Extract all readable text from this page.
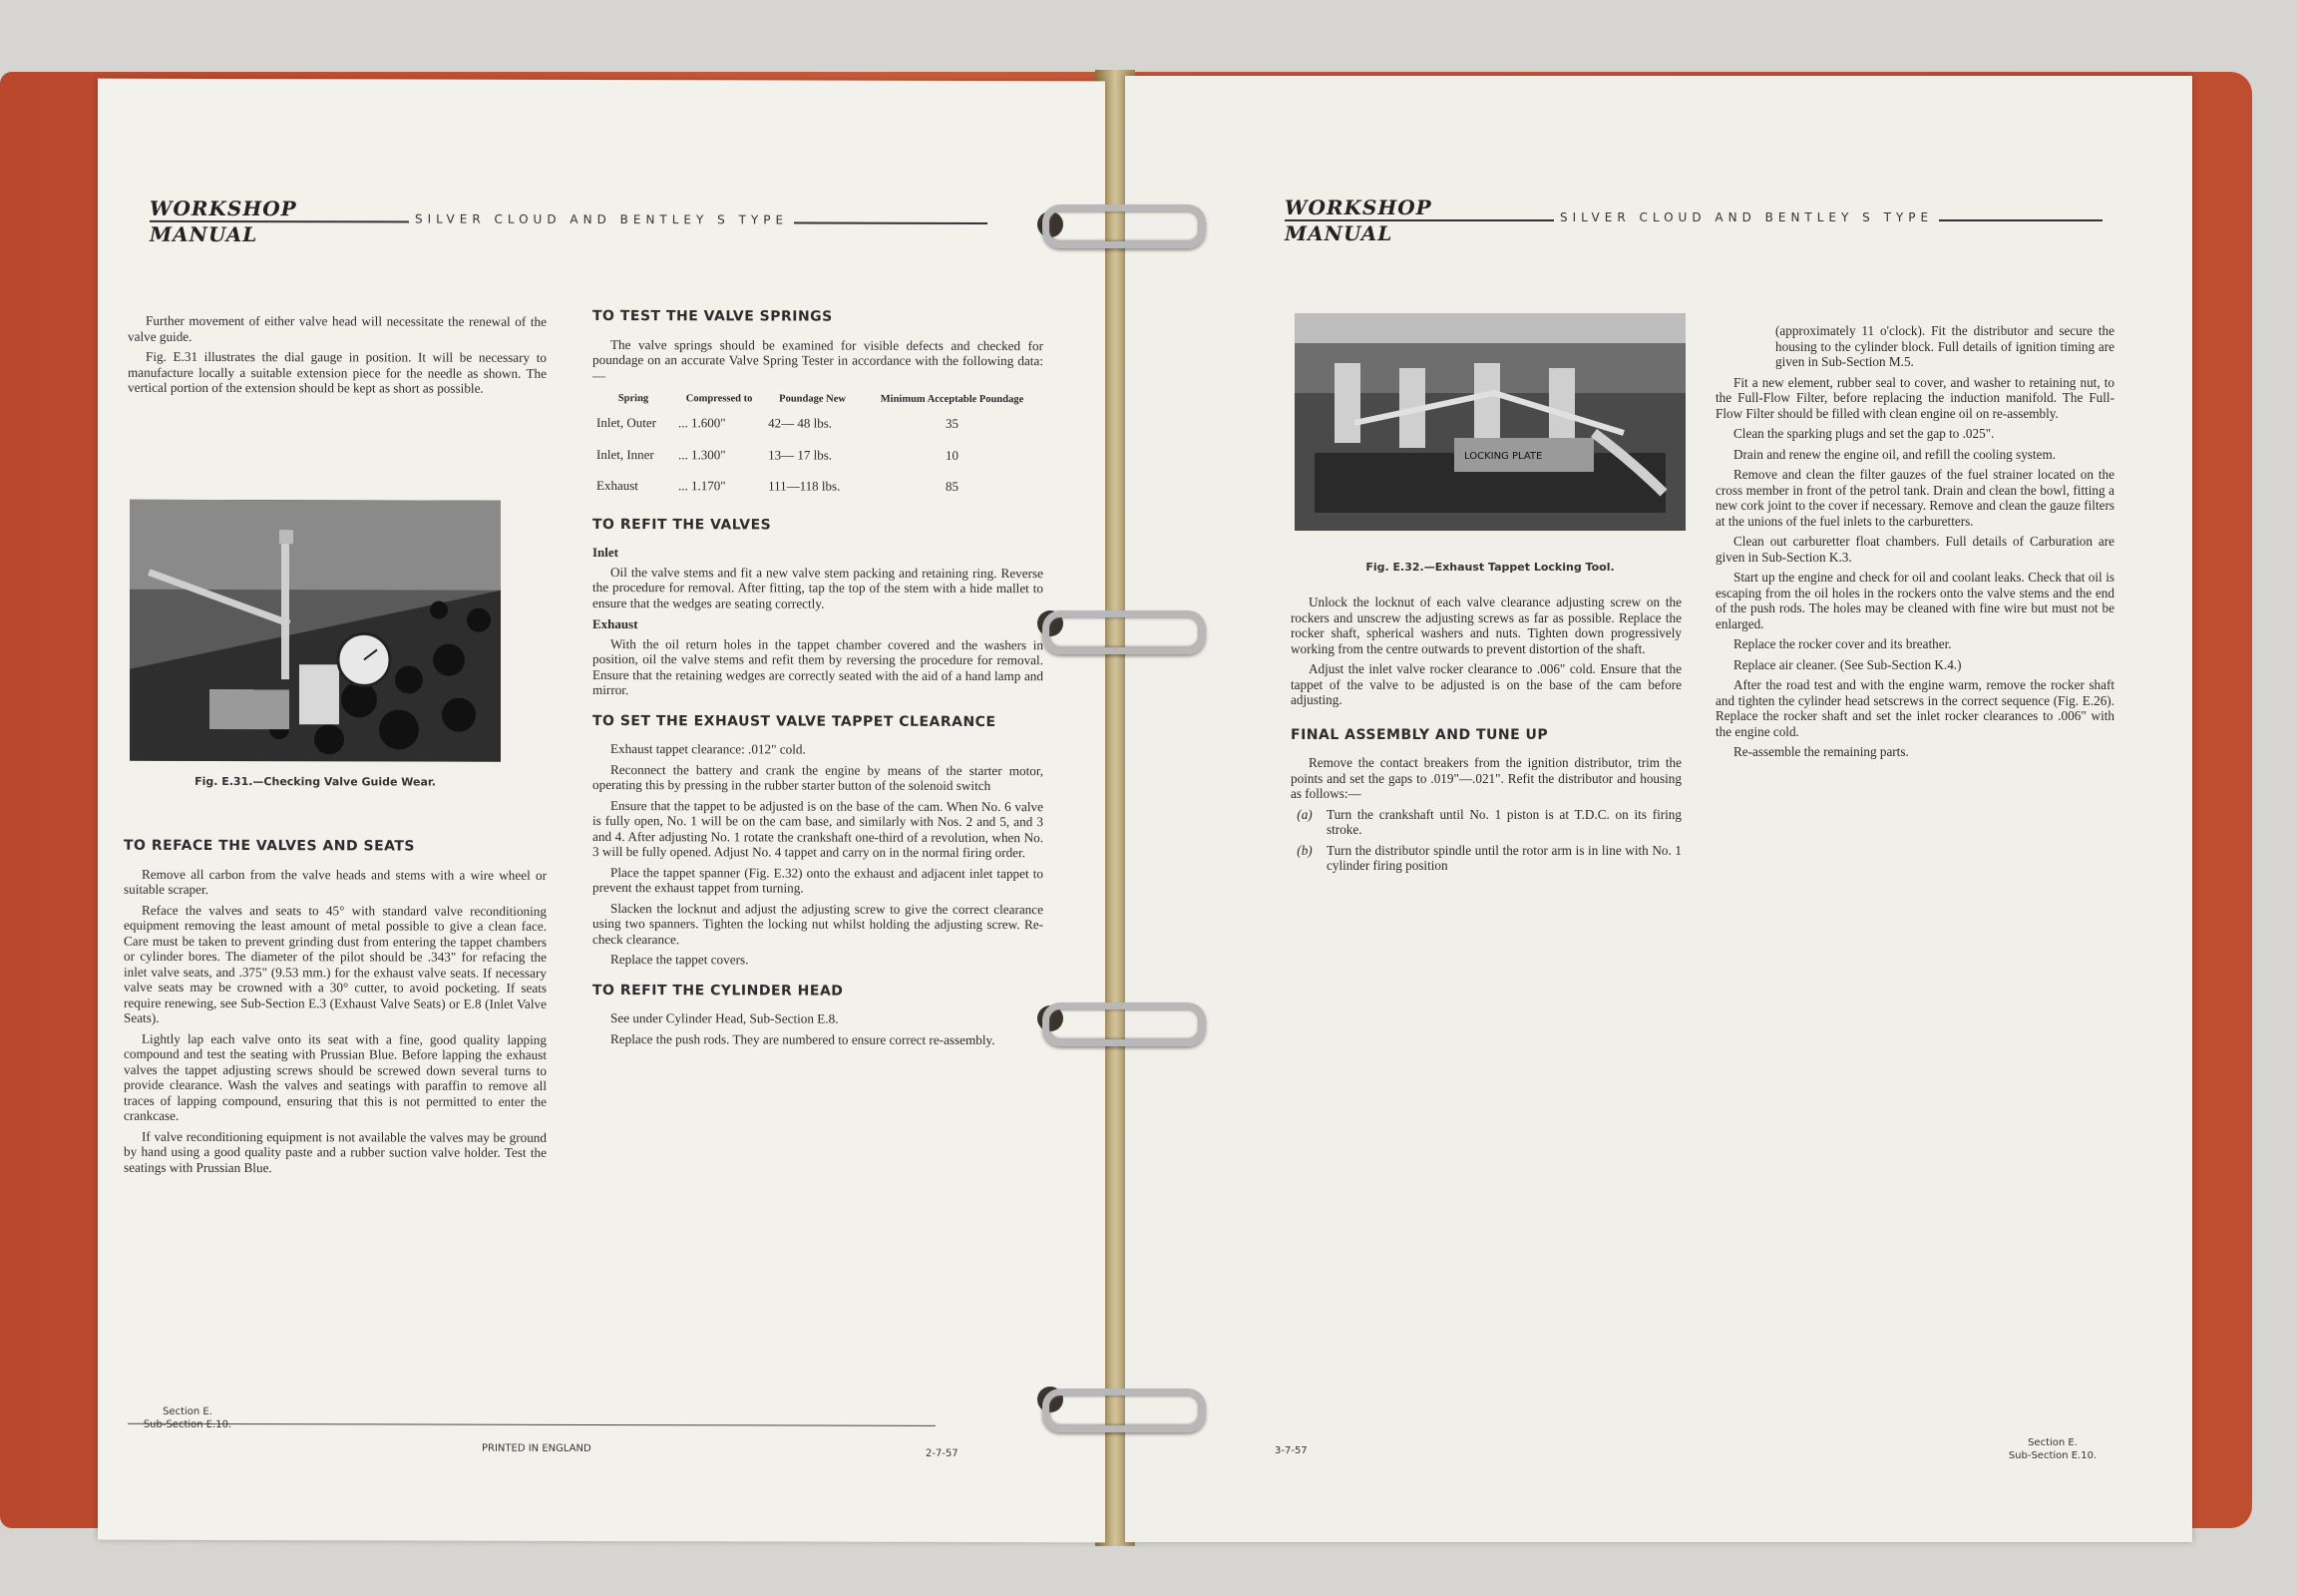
WORKSHOP
MANUAL
SILVER CLOUD AND BENTLEY S TYPE

Further movement of either valve head will necessitate the renewal of the valve guide.

Fig. E.31 illustrates the dial gauge in position. It will be necessary to manufacture locally a suitable extension piece for the needle as shown. The vertical portion of the extension should be kept as short as possible.

Fig. E.31.—Checking Valve Guide Wear.
TO REFACE THE VALVES AND SEATS

Remove all carbon from the valve heads and stems with a wire wheel or suitable scraper.

Reface the valves and seats to 45° with standard valve reconditioning equipment removing the least amount of metal possible to give a clean face. Care must be taken to prevent grinding dust from entering the tappet chambers or cylinder bores. The diameter of the pilot should be .343" for refacing the inlet valve seats, and .375" (9.53 mm.) for the exhaust valve seats. If necessary valve seats may be crowned with a 30° cutter, to avoid pocketing. If seats require renewing, see Sub-Section E.3 (Exhaust Valve Seats) or E.8 (Inlet Valve Seats).

Lightly lap each valve onto its seat with a fine, good quality lapping compound and test the seating with Prussian Blue. Before lapping the exhaust valves the tappet adjusting screws should be screwed down several turns to provide clearance. Wash the valves and seatings with paraffin to remove all traces of lapping compound, ensuring that this is not permitted to enter the crankcase.

If valve reconditioning equipment is not available the valves may be ground by hand using a good quality paste and a rubber suction valve holder. Test the seatings with Prussian Blue.

TO TEST THE VALVE SPRINGS

The valve springs should be examined for visible defects and checked for poundage on an accurate Valve Spring Tester in accordance with the following data:—

Spring	Compressed to	Poundage New	Minimum Acceptable Poundage
Inlet, Outer	... 1.600"	42— 48 lbs.	35
Inlet, Inner	... 1.300"	13— 17 lbs.	10
Exhaust	... 1.170"	111—118 lbs.	85
TO REFIT THE VALVES
Inlet

Oil the valve stems and fit a new valve stem packing and retaining ring. Reverse the procedure for removal. After fitting, tap the top of the stem with a hide mallet to ensure that the wedges are seating correctly.

Exhaust

With the oil return holes in the tappet chamber covered and the washers in position, oil the valve stems and refit them by reversing the procedure for removal. Ensure that the retaining wedges are correctly seated with the aid of a hand lamp and mirror.

TO SET THE EXHAUST VALVE TAPPET CLEARANCE

Exhaust tappet clearance: .012" cold.

Reconnect the battery and crank the engine by means of the starter motor, operating this by pressing in the rubber starter button of the solenoid switch

Ensure that the tappet to be adjusted is on the base of the cam. When No. 6 valve is fully open, No. 1 will be on the cam base, and similarly with Nos. 2 and 5, and 3 and 4. After adjusting No. 1 rotate the crankshaft one-third of a revolution, when No. 3 will be fully opened. Adjust No. 4 tappet and carry on in the normal firing order.

Place the tappet spanner (Fig. E.32) onto the exhaust and adjacent inlet tappet to prevent the exhaust tappet from turning.

Slacken the locknut and adjust the adjusting screw to give the correct clearance using two spanners. Tighten the locking nut whilst holding the adjusting screw. Re-check clearance.

Replace the tappet covers.

TO REFIT THE CYLINDER HEAD

See under Cylinder Head, Sub-Section E.8.

Replace the push rods. They are numbered to ensure correct re-assembly.

Section E.
Sub-Section E.10.
PRINTED IN ENGLAND	2-7-57
WORKSHOP
MANUAL
SILVER CLOUD AND BENTLEY S TYPE
LOCKING PLATE
Fig. E.32.—Exhaust Tappet Locking Tool.

Unlock the locknut of each valve clearance adjusting screw on the rockers and unscrew the adjusting screws as far as possible. Replace the rocker shaft, spherical washers and nuts. Tighten down progressively working from the centre outwards to prevent distortion of the shaft.

Adjust the inlet valve rocker clearance to .006" cold. Ensure that the tappet of the valve to be adjusted is on the base of the cam before adjusting.

FINAL ASSEMBLY AND TUNE UP

Remove the contact breakers from the ignition distributor, trim the points and set the gaps to .019"—.021". Refit the distributor and housing as follows:—

(a)	Turn the crankshaft until No. 1 piston is at T.D.C. on its firing stroke.
(b)	Turn the distributor spindle until the rotor arm is in line with No. 1 cylinder firing position

(approximately 11 o'clock). Fit the distributor and secure the housing to the cylinder block. Full details of ignition timing are given in Sub-Section M.5.

Fit a new element, rubber seal to cover, and washer to retaining nut, to the Full-Flow Filter, before replacing the induction manifold. The Full-Flow Filter should be filled with clean engine oil on re-assembly.

Clean the sparking plugs and set the gap to .025".

Drain and renew the engine oil, and refill the cooling system.

Remove and clean the filter gauzes of the fuel strainer located on the cross member in front of the petrol tank. Drain and clean the bowl, fitting a new cork joint to the cover if necessary. Remove and clean the gauze filters at the unions of the fuel inlets to the carburetters.

Clean out carburetter float chambers. Full details of Carburation are given in Sub-Section K.3.

Start up the engine and check for oil and coolant leaks. Check that oil is escaping from the oil holes in the rockers onto the valve stems and the end of the push rods. The holes may be cleaned with fine wire but must not be enlarged.

Replace the rocker cover and its breather.

Replace air cleaner. (See Sub-Section K.4.)

After the road test and with the engine warm, remove the rocker shaft and tighten the cylinder head setscrews in the correct sequence (Fig. E.26). Replace the rocker shaft and set the inlet rocker clearances to .006" with the engine cold.

Re-assemble the remaining parts.

3-7-57
Section E.
Sub-Section E.10.
